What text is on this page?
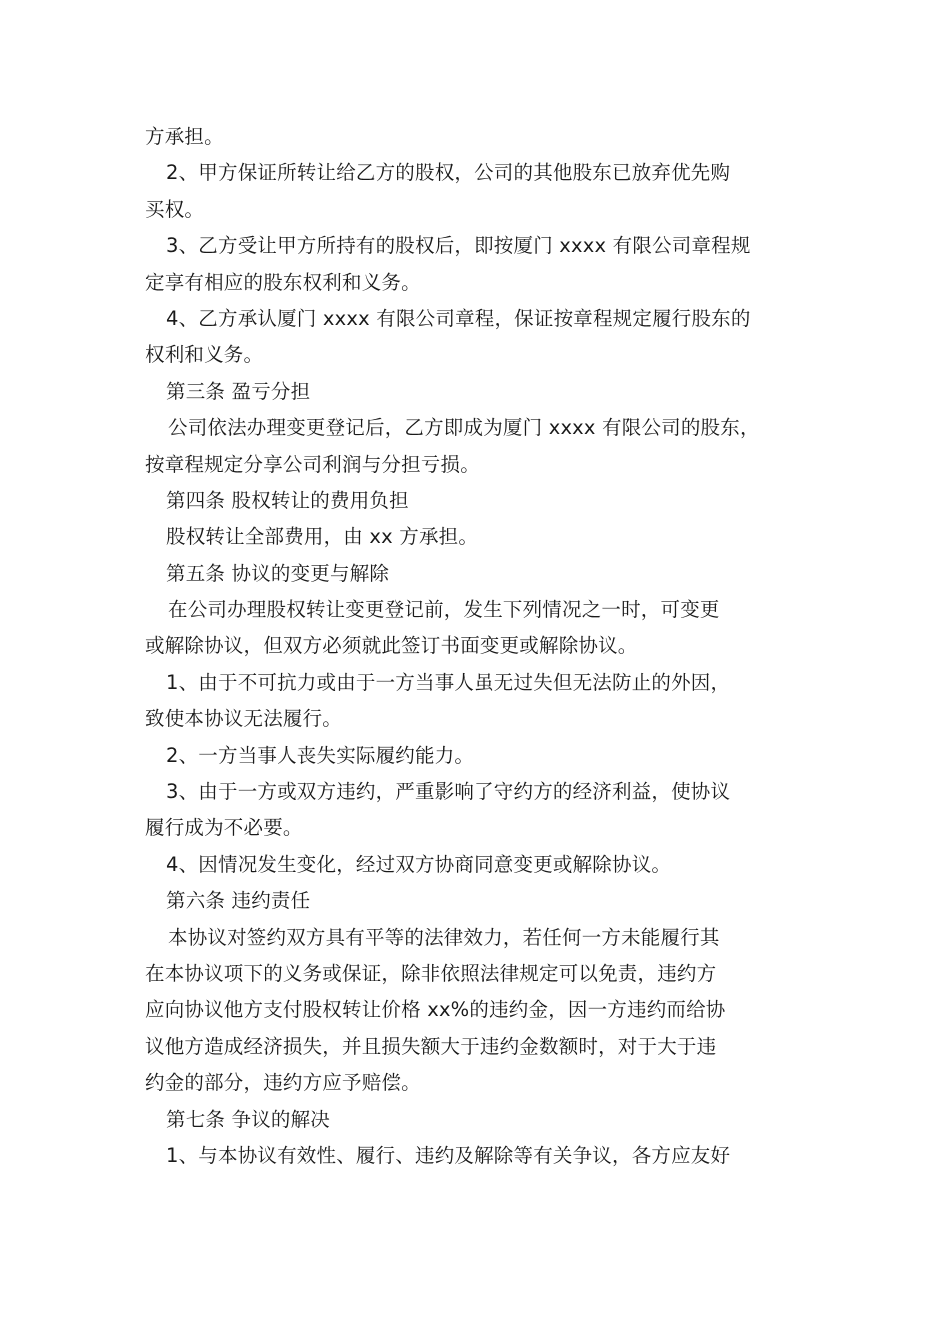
方承担。
2、甲方保证所转让给乙方的股权，公司的其他股东已放弃优先购
买权。
3、乙方受让甲方所持有的股权后，即按厦门 xxxx 有限公司章程规
定享有相应的股东权利和义务。
4、乙方承认厦门 xxxx 有限公司章程，保证按章程规定履行股东的
权利和义务。
第三条 盈亏分担
公司依法办理变更登记后，乙方即成为厦门 xxxx 有限公司的股东，
按章程规定分享公司利润与分担亏损。
第四条 股权转让的费用负担
股权转让全部费用，由 xx 方承担。
第五条 协议的变更与解除
在公司办理股权转让变更登记前，发生下列情况之一时，可变更
或解除协议，但双方必须就此签订书面变更或解除协议。
1、由于不可抗力或由于一方当事人虽无过失但无法防止的外因，
致使本协议无法履行。
2、一方当事人丧失实际履约能力。
3、由于一方或双方违约，严重影响了守约方的经济利益，使协议
履行成为不必要。
4、因情况发生变化，经过双方协商同意变更或解除协议。
第六条 违约责任
本协议对签约双方具有平等的法律效力，若任何一方未能履行其
在本协议项下的义务或保证，除非依照法律规定可以免责，违约方
应向协议他方支付股权转让价格 xx%的违约金，因一方违约而给协
议他方造成经济损失，并且损失额大于违约金数额时，对于大于违
约金的部分，违约方应予赔偿。
第七条 争议的解决
1、与本协议有效性、履行、违约及解除等有关争议，各方应友好
